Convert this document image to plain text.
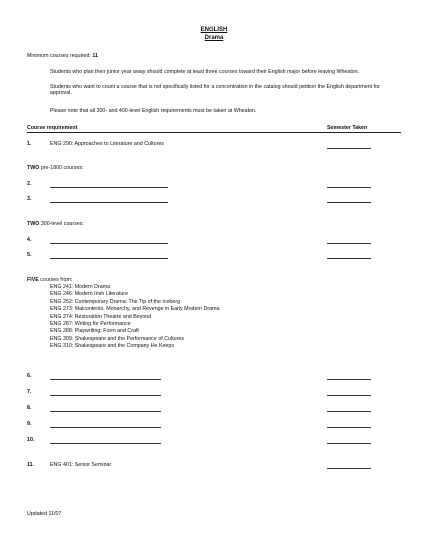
ENGLISH
Drama
Minimum courses required: 11
Students who plan their junior year away should complete at least three courses toward their English major before leaving Wheaton.
Students who want to count a course that is not specifically listed for a concentration in the catalog should petition the English department for approval.
Please note that all 300- and 400-level English requirements must be taken at Wheaton.
Course requirement	Semester Taken
1.	ENG 290: Approaches to Literature and Cultures
TWO pre-1800 courses:
2.
3.
TWO 300-level courses:
4.
5.
FIVE courses from:
ENG 241: Modern Drama
ENG 246: Modern Irish Literature
ENG 252: Contemporary Drama: The Tip of the Iceberg
ENG 273: Malcontents, Monarchy, and Revenge in Early Modern Drama
ENG 274: Restoration Theatre and Beyond
ENG 287: Writing for Performance
ENG 288: Playwriting: Form and Craft
ENG 309: Shakespeare and the Performance of Cultures
ENG 310: Shakespeare and the Company He Keeps
6.
7.
8.
9.
10.
11.	ENG 401: Senior Seminar
Updated 11/07
